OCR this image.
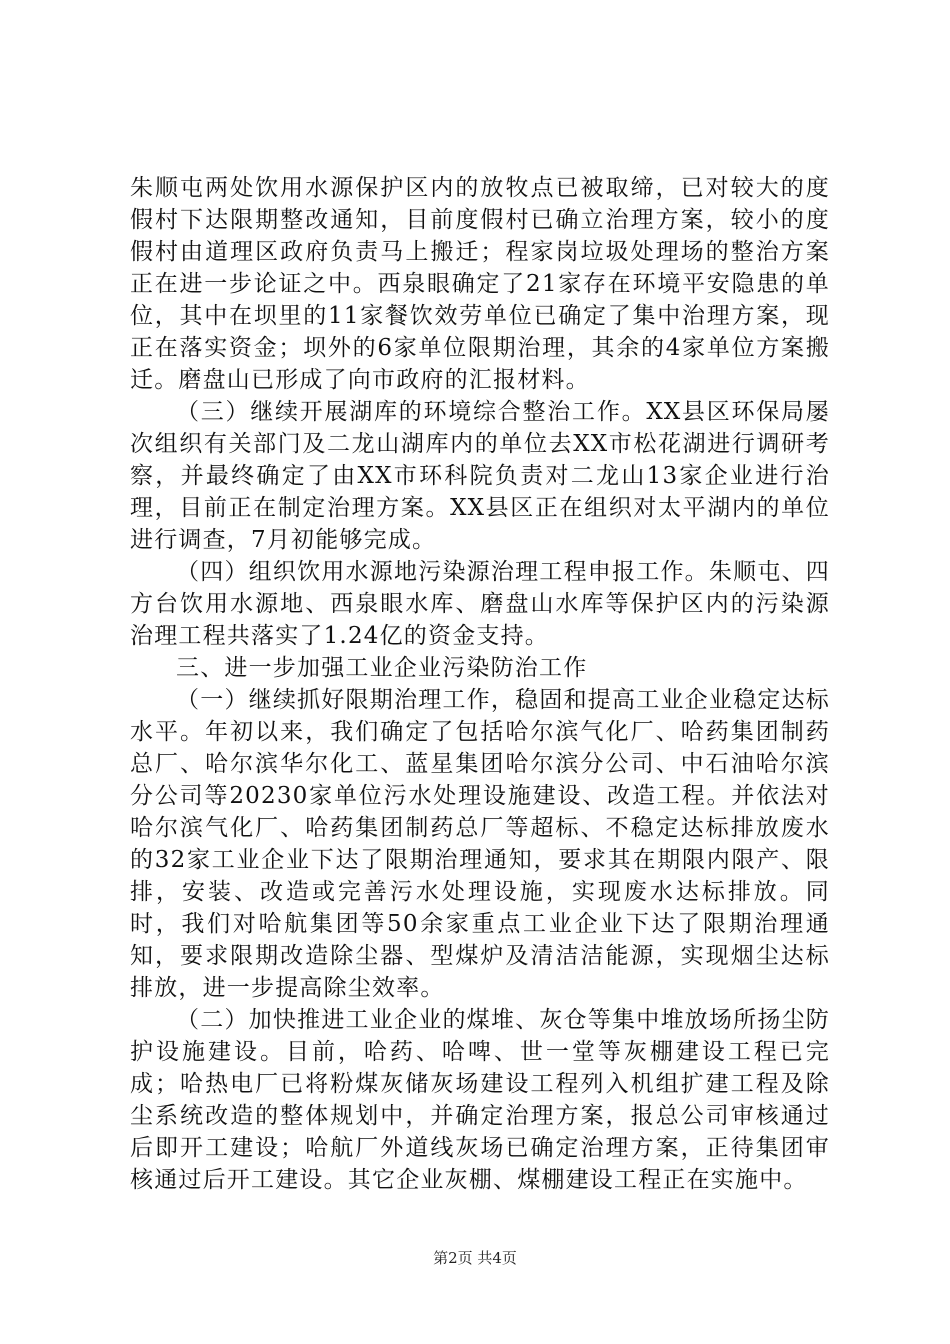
朱顺屯两处饮用水源保护区内的放牧点已被取缔，已对较大的度假村下达限期整改通知，目前度假村已确立治理方案，较小的度假村由道理区政府负责马上搬迁；程家岗垃圾处理场的整治方案正在进一步论证之中。西泉眼确定了21家存在环境平安隐患的单位，其中在坝里的11家餐饮效劳单位已确定了集中治理方案，现正在落实资金；坝外的6家单位限期治理，其余的4家单位方案搬迁。磨盘山已形成了向市政府的汇报材料。

（三）继续开展湖库的环境综合整治工作。XX县区环保局屡次组织有关部门及二龙山湖库内的单位去XX市松花湖进行调研考察，并最终确定了由XX市环科院负责对二龙山13家企业进行治理，目前正在制定治理方案。XX县区正在组织对太平湖内的单位进行调查，7月初能够完成。

（四）组织饮用水源地污染源治理工程申报工作。朱顺屯、四方台饮用水源地、西泉眼水库、磨盘山水库等保护区内的污染源治理工程共落实了1.24亿的资金支持。

三、进一步加强工业企业污染防治工作

（一）继续抓好限期治理工作，稳固和提高工业企业稳定达标水平。年初以来，我们确定了包括哈尔滨气化厂、哈药集团制药总厂、哈尔滨华尔化工、蓝星集团哈尔滨分公司、中石油哈尔滨分公司等20230家单位污水处理设施建设、改造工程。并依法对哈尔滨气化厂、哈药集团制药总厂等超标、不稳定达标排放废水的32家工业企业下达了限期治理通知，要求其在期限内限产、限排，安装、改造或完善污水处理设施，实现废水达标排放。同时，我们对哈航集团等50余家重点工业企业下达了限期治理通知，要求限期改造除尘器、型煤炉及清洁洁能源，实现烟尘达标排放，进一步提高除尘效率。

（二）加快推进工业企业的煤堆、灰仓等集中堆放场所扬尘防护设施建设。目前，哈药、哈啤、世一堂等灰棚建设工程已完成；哈热电厂已将粉煤灰储灰场建设工程列入机组扩建工程及除尘系统改造的整体规划中，并确定治理方案，报总公司审核通过后即开工建设；哈航厂外道线灰场已确定治理方案，正待集团审核通过后开工建设。其它企业灰棚、煤棚建设工程正在实施中。

第2页 共4页
